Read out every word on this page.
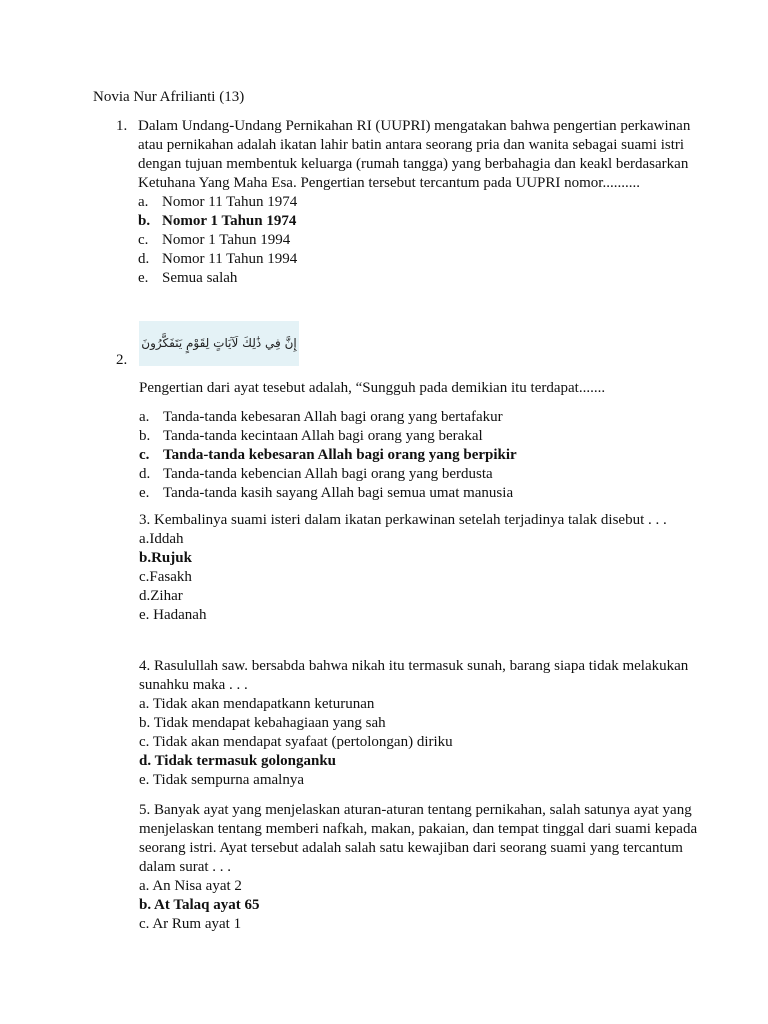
Novia Nur Afrilianti (13)
1. Dalam Undang-Undang Pernikahan RI (UUPRI) mengatakan bahwa pengertian perkawinan atau pernikahan adalah ikatan lahir batin antara seorang pria dan wanita sebagai suami istri dengan tujuan membentuk keluarga (rumah tangga) yang berbahagia dan keakl berdasarkan Ketuhana Yang Maha Esa. Pengertian tersebut tercantum pada UUPRI nomor..........
a. Nomor 11 Tahun 1974
b. Nomor 1 Tahun 1974
c. Nomor 1 Tahun 1994
d. Nomor 11 Tahun 1994
e. Semua salah
إِنَّ فِي ذَٰلِكَ لَآيَاتٍ لِقَوْمٍ يَتَفَكَّرُونَ
2.
Pengertian dari ayat tesebut adalah, “Sungguh pada demikian itu terdapat.......
a. Tanda-tanda kebesaran Allah bagi orang yang bertafakur
b. Tanda-tanda kecintaan Allah bagi orang yang berakal
c. Tanda-tanda kebesaran Allah bagi orang yang berpikir
d. Tanda-tanda kebencian Allah bagi orang yang berdusta
e. Tanda-tanda kasih sayang Allah bagi semua umat manusia
3. Kembalinya suami isteri dalam ikatan perkawinan setelah terjadinya talak disebut . . .
a.Iddah
b.Rujuk
c.Fasakh
d.Zihar
e. Hadanah
4. Rasulullah saw. bersabda bahwa nikah itu termasuk sunah, barang siapa tidak melakukan sunahku maka . . .
a. Tidak akan mendapatkann keturunan
b. Tidak mendapat kebahagiaan yang sah
c. Tidak akan mendapat syafaat (pertolongan) diriku
d. Tidak termasuk golonganku
e. Tidak sempurna amalnya
5. Banyak ayat yang menjelaskan aturan-aturan tentang pernikahan, salah satunya ayat yang menjelaskan tentang memberi nafkah, makan, pakaian, dan tempat tinggal dari suami kepada seorang istri. Ayat tersebut adalah salah satu kewajiban dari seorang suami yang tercantum dalam surat . . .
a. An Nisa ayat 2
b. At Talaq ayat 65
c. Ar Rum ayat 1
